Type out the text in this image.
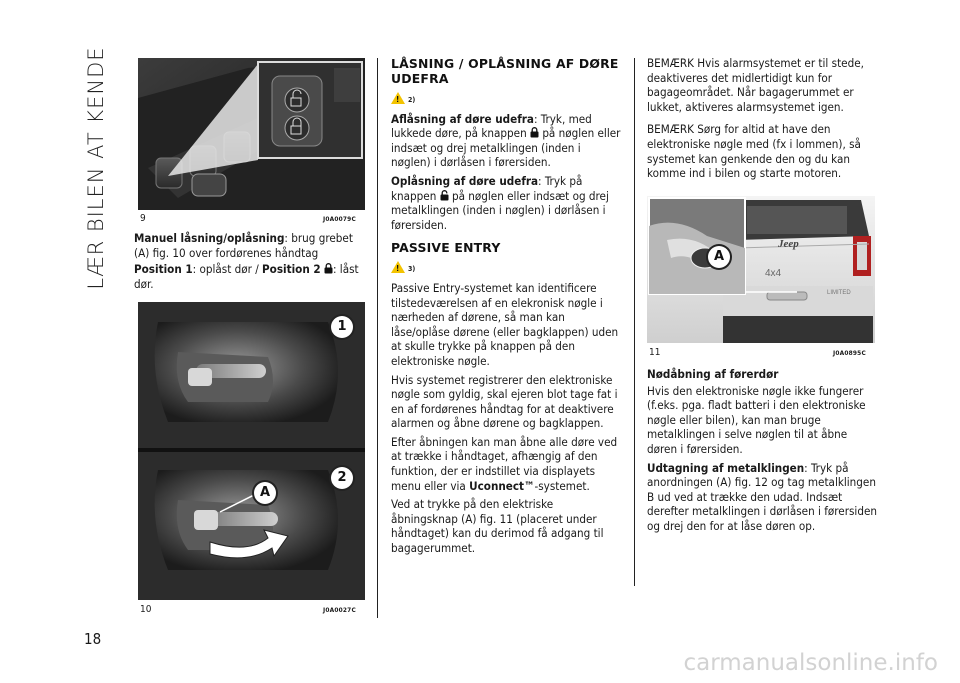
LÆR BILEN AT KENDE
18
9	J0A0079C

Manuel låsning/oplåsning: brug grebet (A) fig. 10 over fordørenes håndtag

Position 1: oplåst dør / Position 2 : låst dør.

1
2
A
10	J0A0027C
LÅSNING / OPLÅSNING AF DØRE UDEFRA
! 2)

Aflåsning af døre udefra: Tryk, med lukkede døre, på knappen på nøglen eller indsæt og drej metalklingen (inden i nøglen) i dørlåsen i førersiden.

Oplåsning af døre udefra: Tryk på knappen på nøglen eller indsæt og drej metalklingen (inden i nøglen) i dørlåsen i førersiden.

PASSIVE ENTRY
! 3)

Passive Entry-systemet kan identificere tilstedeværelsen af en elekronisk nøgle i nærheden af dørene, så man kan låse/oplåse dørene (eller bagklappen) uden at skulle trykke på knappen på den elektroniske nøgle.

Hvis systemet registrerer den elektroniske nøgle som gyldig, skal ejeren blot tage fat i en af fordørenes håndtag for at deaktivere alarmen og åbne dørene og bagklappen.

Efter åbningen kan man åbne alle døre ved at trække i håndtaget, afhængig af den funktion, der er indstillet via displayets menu eller via Uconnect™-systemet.

Ved at trykke på den elektriske åbningsknap (A) fig. 11 (placeret under håndtaget) kan du derimod få adgang til bagagerummet.

BEMÆRK Hvis alarmsystemet er til stede, deaktiveres det midlertidigt kun for bagageområdet. Når bagagerummet er lukket, aktiveres alarmsystemet igen.

BEMÆRK Sørg for altid at have den elektroniske nøgle med (fx i lommen), så systemet kan genkende den og du kan komme ind i bilen og starte motoren.

4x4
LIMITED
Jeep
A
11	J0A0895C
Nødåbning af førerdør

Hvis den elektroniske nøgle ikke fungerer (f.eks. pga. fladt batteri i den elektroniske nøgle eller bilen), kan man bruge metalklingen i selve nøglen til at åbne døren i førersiden.

Udtagning af metalklingen: Tryk på anordningen (A) fig. 12 og tag metalklingen B ud ved at trække den udad. Indsæt derefter metalklingen i dørlåsen i førersiden og drej den for at låse døren op.

carmanualsonline.info
